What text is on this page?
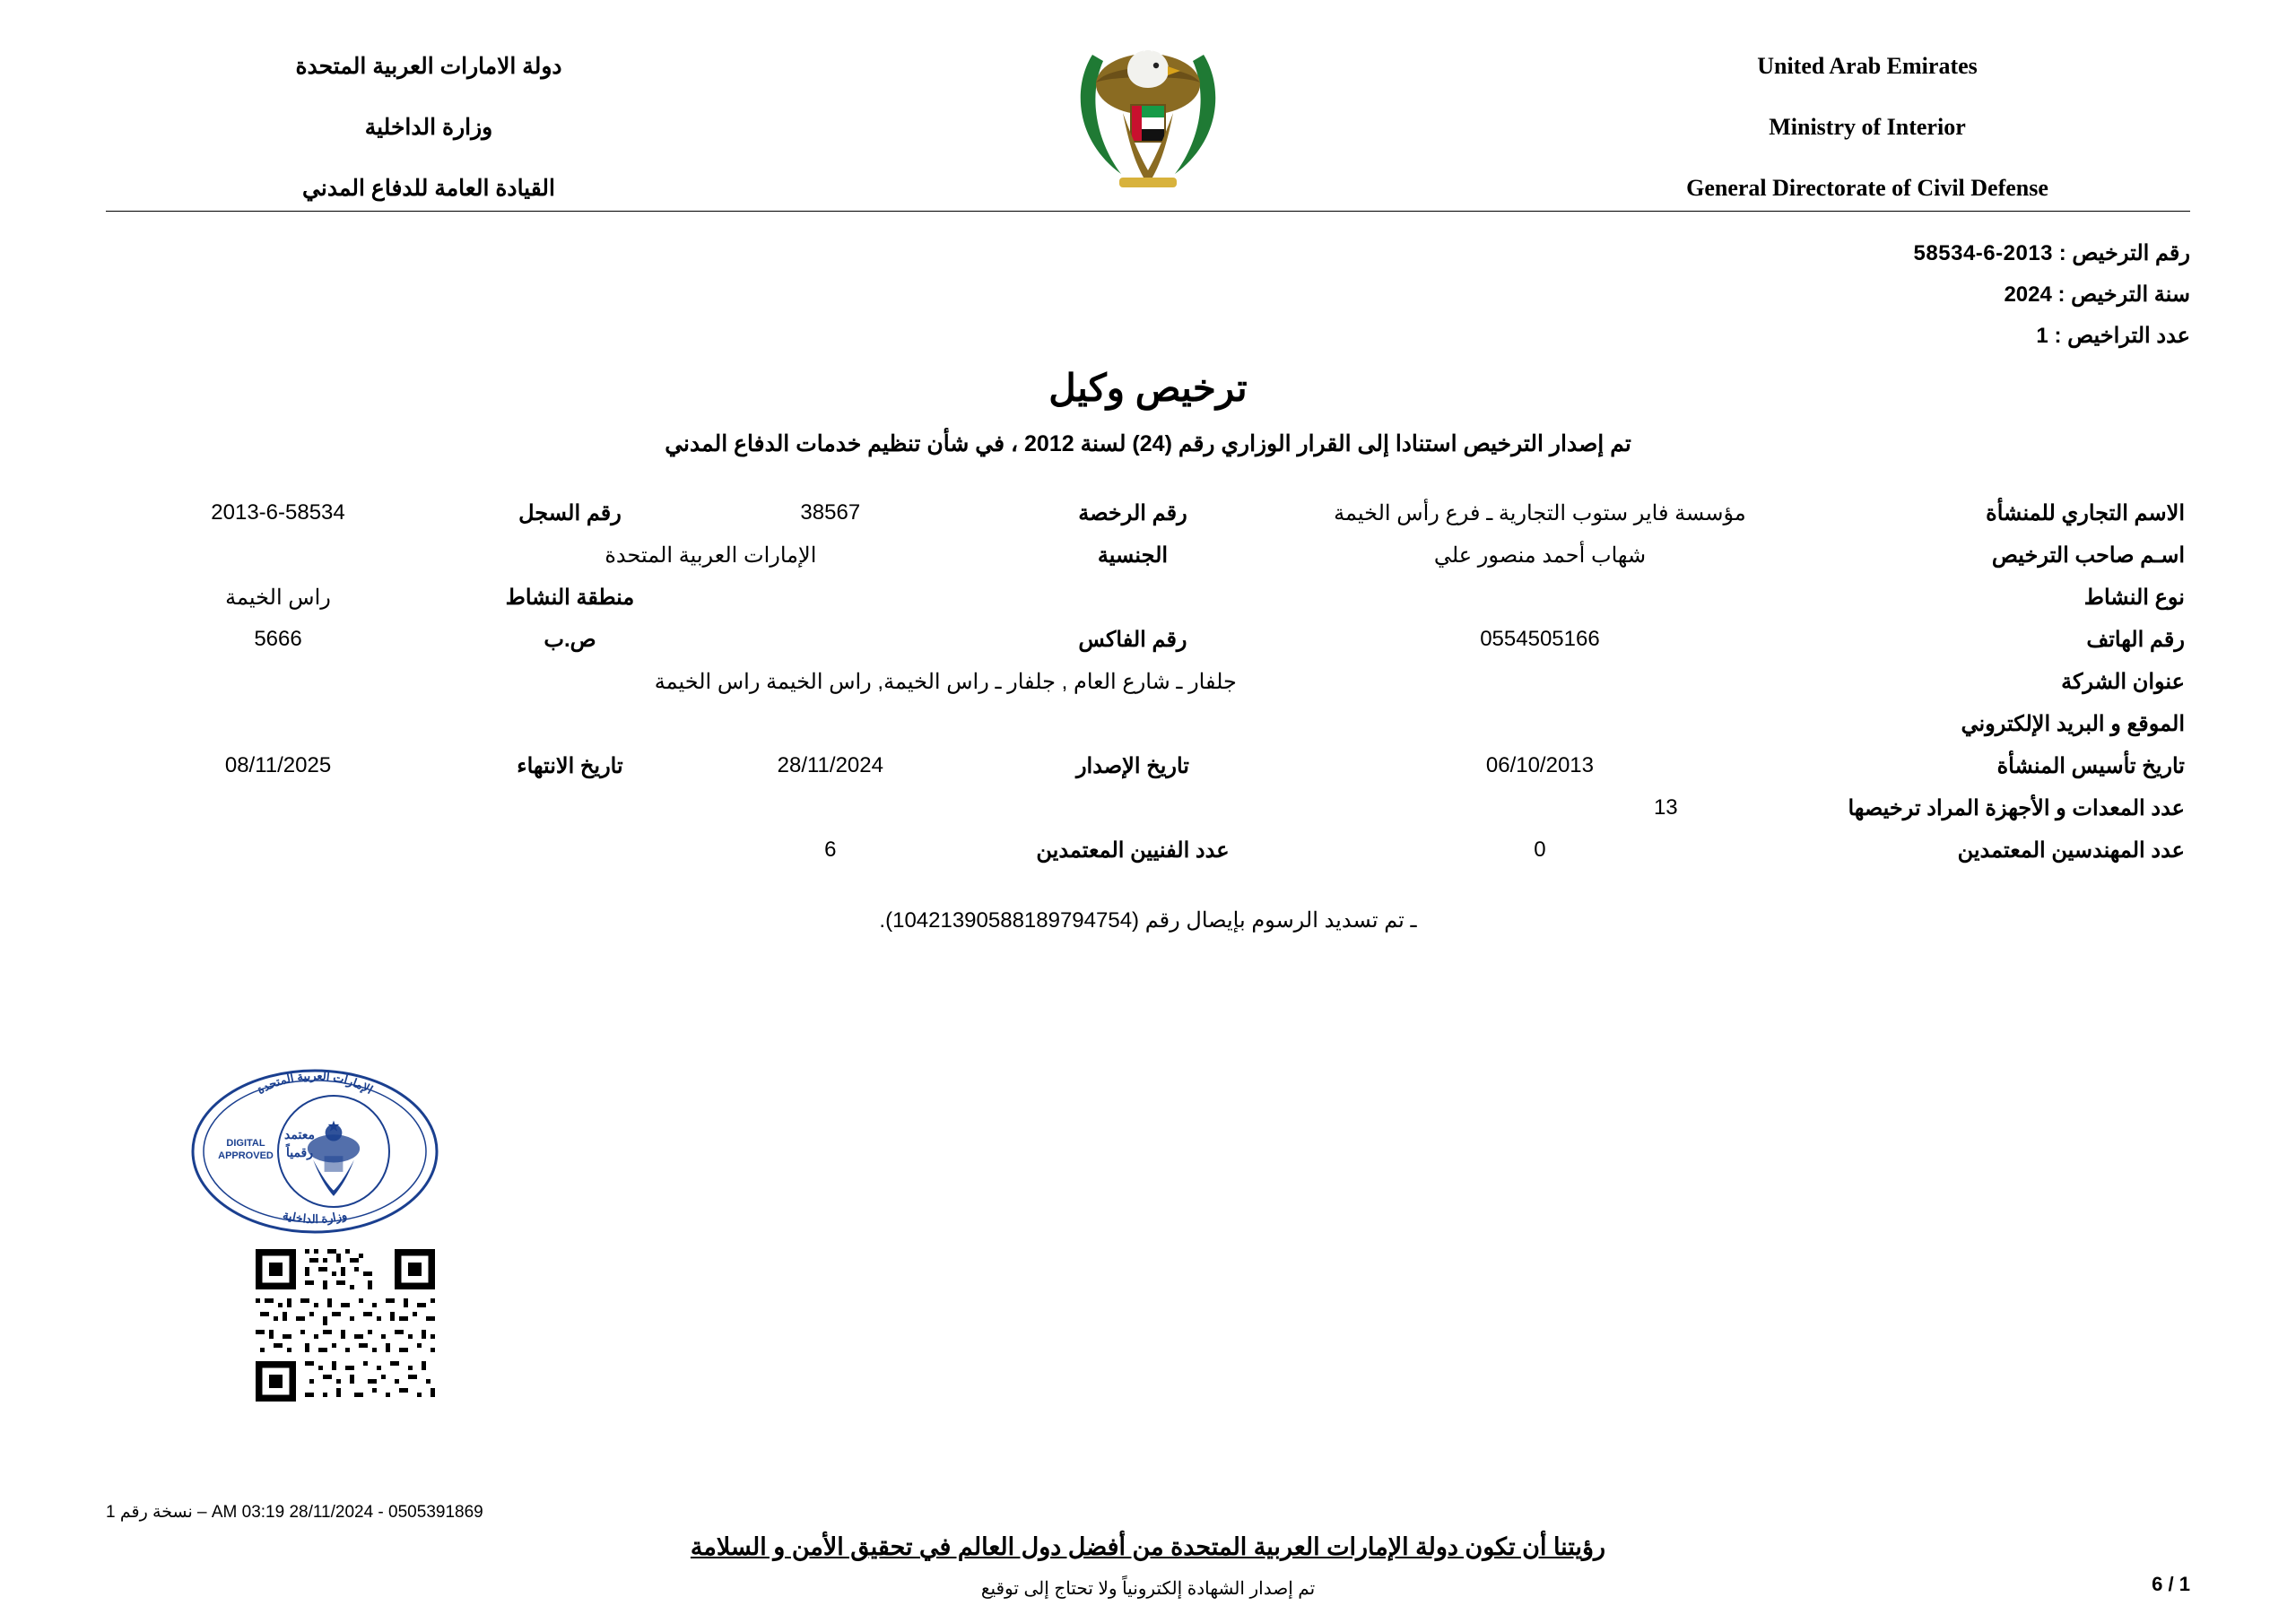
United Arab Emirates
Ministry of Interior
General Directorate of Civil Defense
دولة الامارات العربية المتحدة
وزارة الداخلية
القيادة العامة للدفاع المدني
رقم الترخيص : 58534-6-2013
سنة الترخيص : 2024
عدد التراخيص : 1
ترخيص وكيل
تم إصدار الترخيص استنادا إلى القرار الوزاري رقم (24) لسنة 2012 ، في شأن تنظيم خدمات الدفاع المدني
الاسم التجاري للمنشأة	مؤسسة فاير ستوب التجارية ـ فرع رأس الخيمة	رقم الرخصة	38567	رقم السجل	2013-6-58534
اسـم صاحب الترخيص	شهاب أحمد منصور علي	الجنسية	الإمارات العربية المتحدة		
نوع النشاط				منطقة النشاط	راس الخيمة
رقم الهاتف	0554505166	رقم الفاكس		ص.ب	5666
عنوان الشركة	جلفار ـ شارع العام , جلفار ـ راس الخيمة, راس الخيمة راس الخيمة				
الموقع و البريد الإلكتروني					
تاريخ تأسيس المنشأة	06/10/2013	تاريخ الإصدار	28/11/2024	تاريخ الانتهاء	08/11/2025
عدد المعدات و الأجهزة المراد ترخيصها	13				
عدد المهندسين المعتمدين	0	عدد الفنيين المعتمدين	6		
ـ تم تسديد الرسوم بإيصال رقم (10421390588189794754).
DIGITAL
APPROVED
معتمد
رقمياً
الإمارات العربية المتحدة
وزارة الداخلية
0505391869 - 28/11/2024 03:19 AM – نسخة رقم 1
رؤيتنا أن تكون دولة الإمارات العربية المتحدة من أفضل دول العالم في تحقيق الأمن و السلامة
تم إصدار الشهادة إلكترونياً ولا تحتاج إلى توقيع	1 / 6
